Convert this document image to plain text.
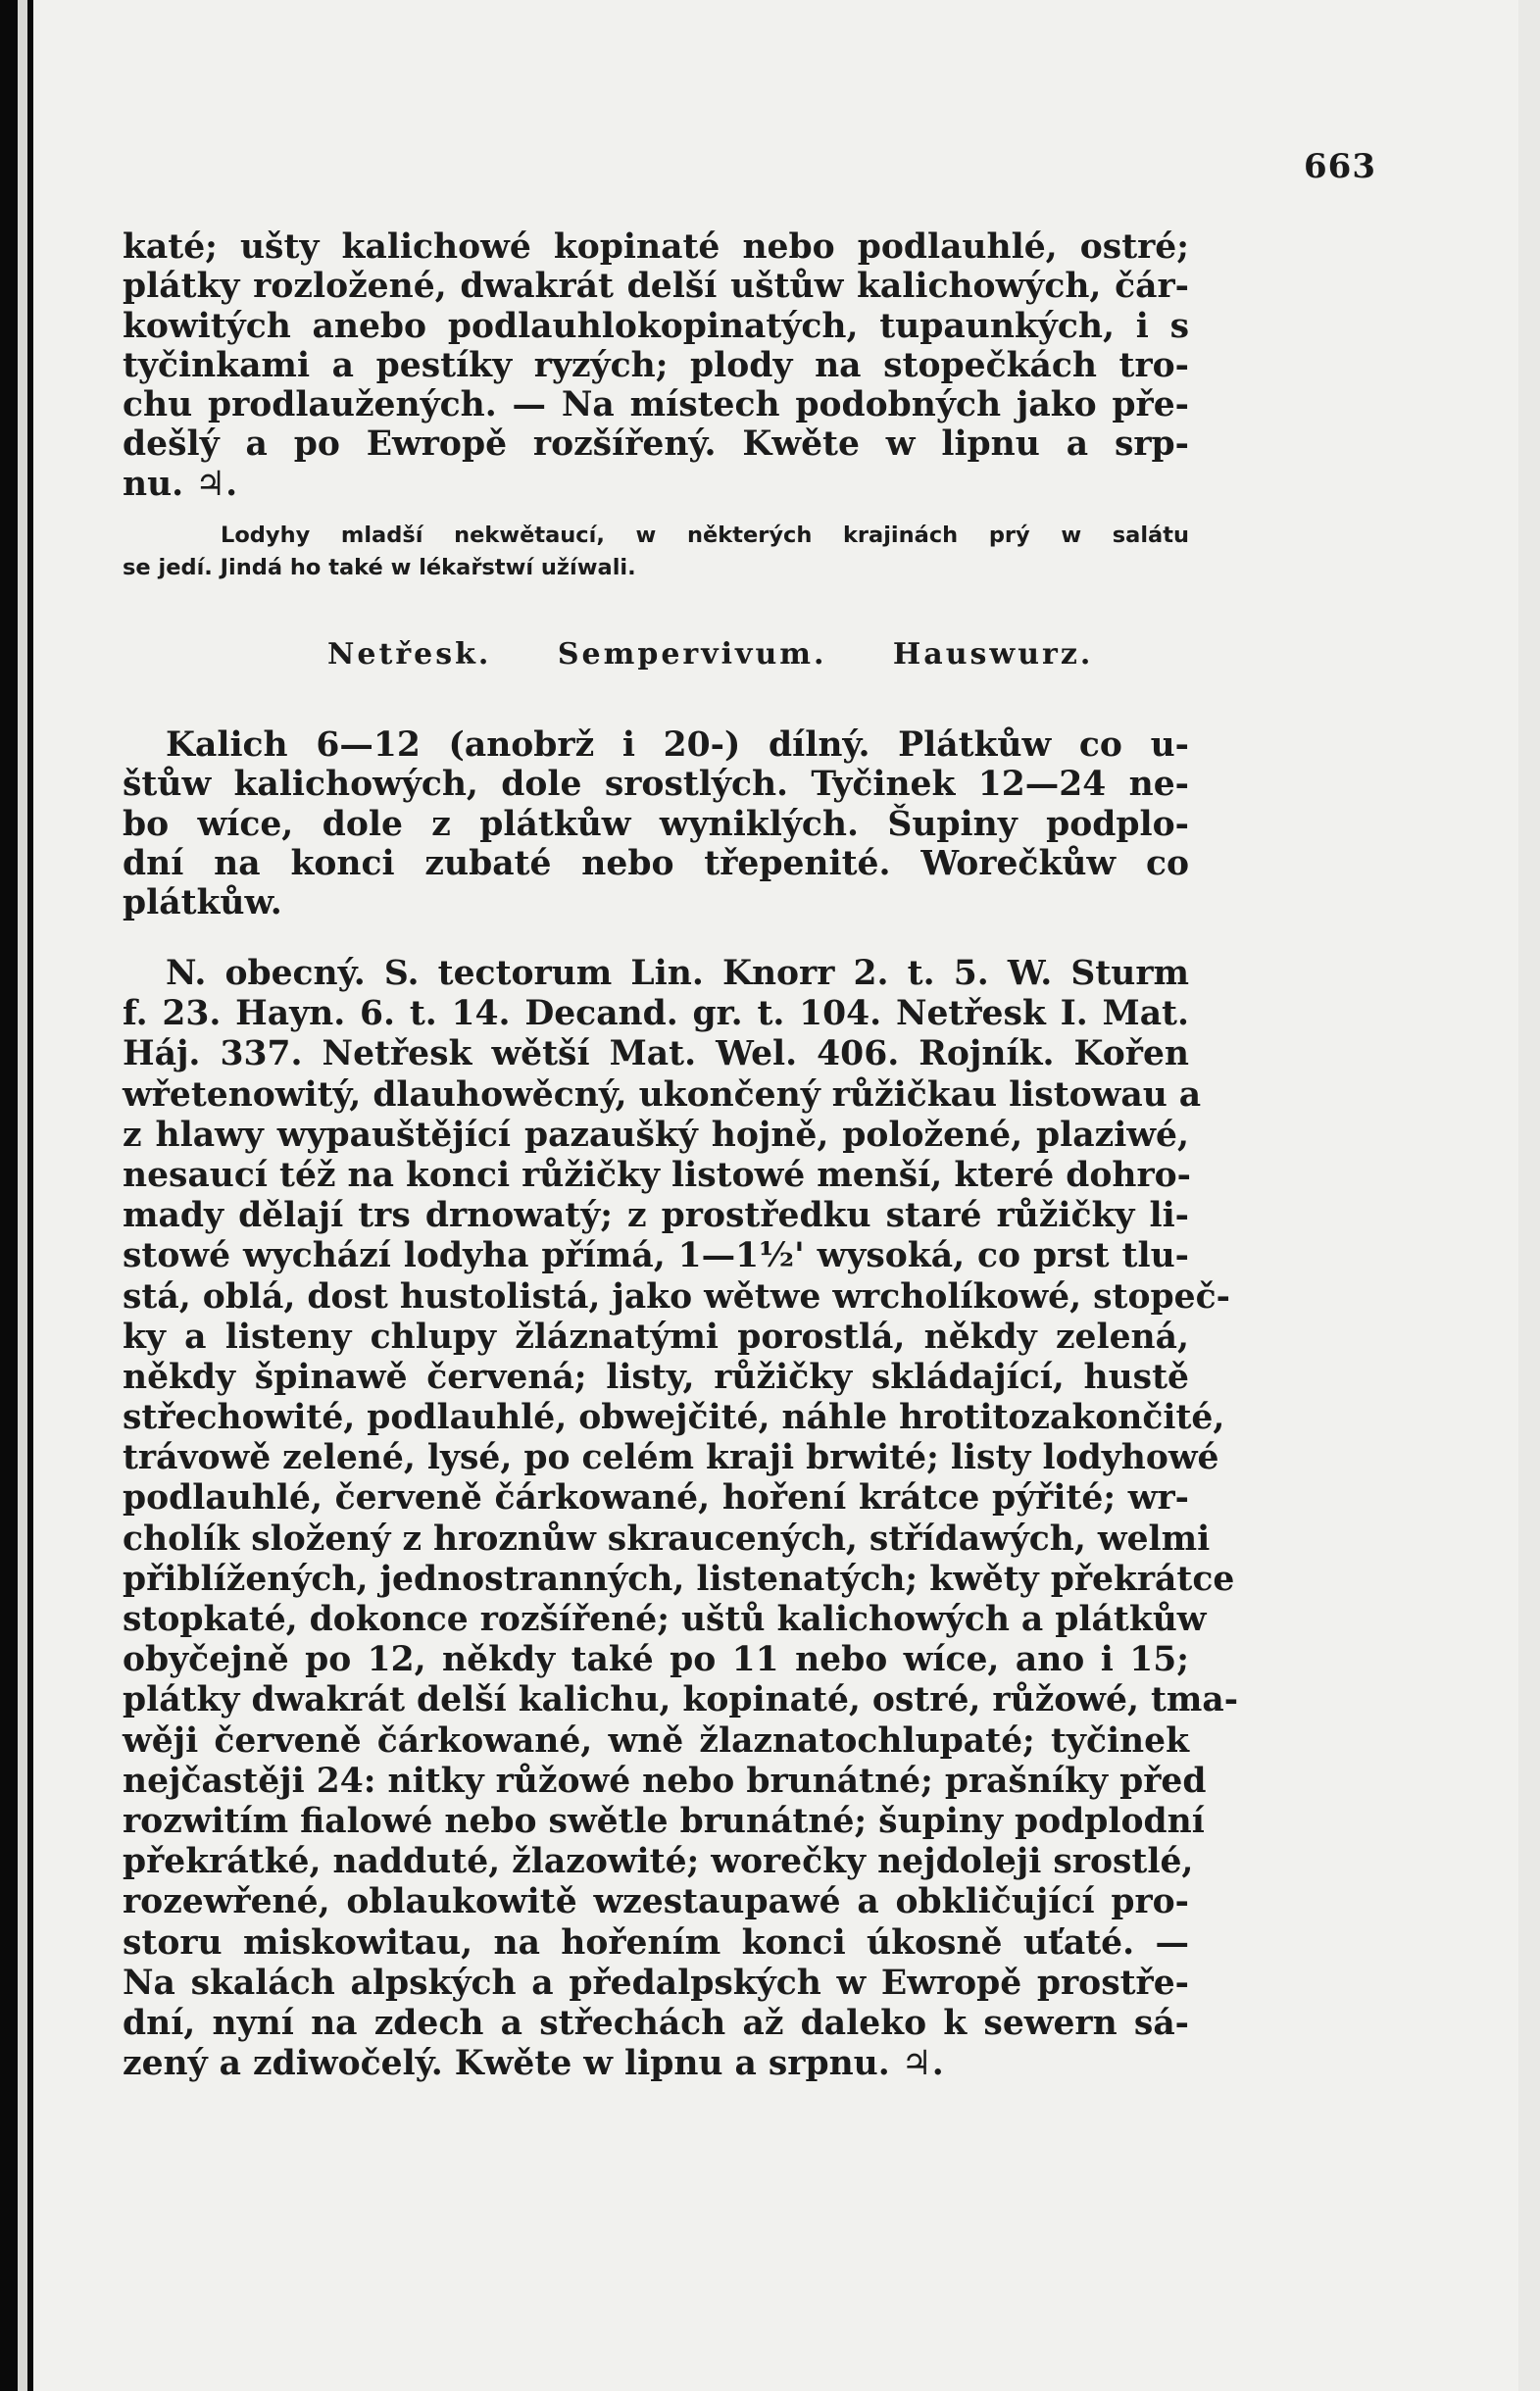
663
katé; ušty kalichowé kopinaté nebo podlauhlé, ostré;
plátky rozložené, dwakrát delší uštůw kalichowých, čár-
kowitých anebo podlauhlokopinatých, tupaunkých, i s
tyčinkami a pestíky ryzých; plody na stopečkách tro-
chu prodlaužených. — Na místech podobných jako pře-
dešlý a po Ewropě rozšířený. Kwěte w lipnu a srp-
nu. ♃.
Lodyhy mladší nekwětaucí, w některých krajinách prý w salátu
se jedí. Jindá ho také w lékařstwí užíwali.
Netřesk. Sempervivum. Hauswurz.
Kalich 6—12 (anobrž i 20-) dílný. Plátkůw co u-
štůw kalichowých, dole srostlých. Tyčinek 12—24 ne-
bo wíce, dole z plátkůw wyniklých. Šupiny podplo-
dní na konci zubaté nebo třepenité. Worečkůw co
plátkůw.
N. obecný. S. tectorum Lin. Knorr 2. t. 5. W. Sturm
f. 23. Hayn. 6. t. 14. Decand. gr. t. 104. Netřesk I. Mat.
Háj. 337. Netřesk wětší Mat. Wel. 406. Rojník. Kořen
wřetenowitý, dlauhowěcný, ukončený růžičkau listowau a
z hlawy wypauštějící pazaušký hojně, položené, plaziwé,
nesaucí též na konci růžičky listowé menší, které dohro-
mady dělají trs drnowatý; z prostředku staré růžičky li-
stowé wychází lodyha přímá, 1—1½' wysoká, co prst tlu-
stá, oblá, dost hustolistá, jako wětwe wrcholíkowé, stopeč-
ky a listeny chlupy žláznatými porostlá, někdy zelená,
někdy špinawě červená; listy, růžičky skládající, hustě
střechowité, podlauhlé, obwejčité, náhle hrotitozakončité,
trávowě zelené, lysé, po celém kraji brwité; listy lodyhowé
podlauhlé, červeně čárkowané, hoření krátce pýřité; wr-
cholík složený z hroznůw skraucených, střídawých, welmi
přiblížených, jednostranných, listenatých; kwěty překrátce
stopkaté, dokonce rozšířené; uštů kalichowých a plátkůw
obyčejně po 12, někdy také po 11 nebo wíce, ano i 15;
plátky dwakrát delší kalichu, kopinaté, ostré, růžowé, tma-
wěji červeně čárkowané, wně žlaznatochlupaté; tyčinek
nejčastěji 24: nitky růžowé nebo brunátné; prašníky před
rozwitím fialowé nebo swětle brunátné; šupiny podplodní
překrátké, nadduté, žlazowité; worečky nejdoleji srostlé,
rozewřené, oblaukowitě wzestaupawé a obkličující pro-
storu miskowitau, na hořením konci úkosně uťaté. —
Na skalách alpských a předalpských w Ewropě prostře-
dní, nyní na zdech a střechách až daleko k sewern sá-
zený a zdiwočelý. Kwěte w lipnu a srpnu. ♃.
